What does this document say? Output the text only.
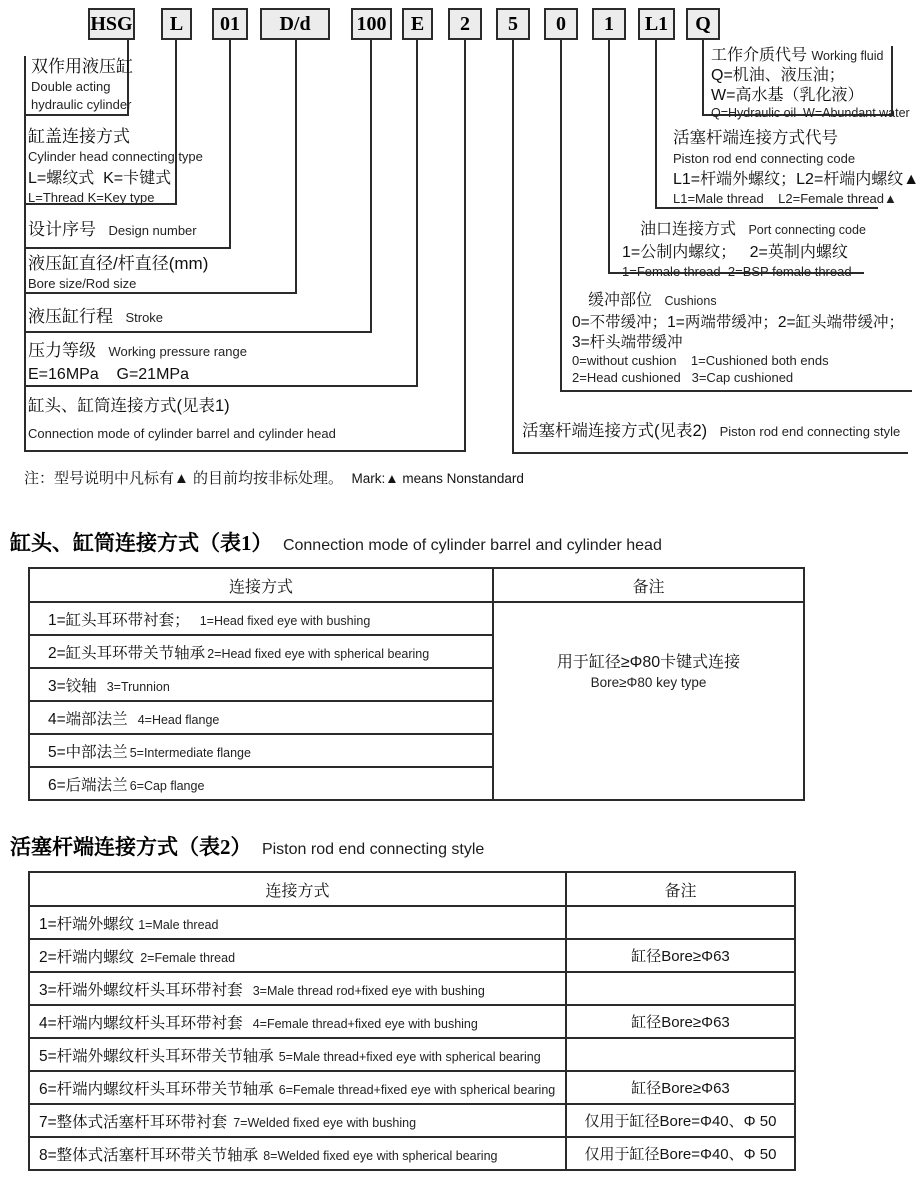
HSG	L	01	D/d	100	E	2	5	0	1	L1	Q
双作用液压缸
Double acting
hydraulic cylinder
缸盖连接方式
Cylinder head connecting type
L=螺纹式  K=卡键式
L=Thread K=Key type
设计序号 Design number
液压缸直径/杆直径(mm)
Bore size/Rod size
液压缸行程 Stroke
压力等级 Working pressure range
E=16MPa    G=21MPa
缸头、缸筒连接方式(见表1)
Connection mode of cylinder barrel and cylinder head
工作介质代号 Working fluid
Q=机油、液压油；
W=高水基（乳化液）
Q=Hydraulic oil  W=Abundant water
活塞杆端连接方式代号
Piston rod end connecting code
L1=杆端外螺纹；L2=杆端内螺纹▲
L1=Male thread    L2=Female thread▲
油口连接方式 Port connecting code
1=公制内螺纹；   2=英制内螺纹
1=Female thread  2=BSP female thread
缓冲部位 Cushions
0=不带缓冲；1=两端带缓冲；2=缸头端带缓冲；
3=杆头端带缓冲
0=without cushion    1=Cushioned both ends
2=Head cushioned   3=Cap cushioned
活塞杆端连接方式(见表2) Piston rod end connecting style
注：型号说明中凡标有▲ 的目前均按非标处理。 Mark:▲ means Nonstandard
缸头、缸筒连接方式（表1） Connection mode of cylinder barrel and cylinder head
连接方式	备注
1=缸头耳环带衬套； 1=Head fixed eye with bushing	用于缸径≥Φ80卡键式连接
Bore≥Φ80 key type

2=缸头耳环带关节轴承 2=Head fixed eye with spherical bearing	
3=铰轴 3=Trunnion	
4=端部法兰 4=Head flange	
5=中部法兰 5=Intermediate flange	
6=后端法兰 6=Cap flange	
活塞杆端连接方式（表2） Piston rod end connecting style
连接方式	备注
1=杆端外螺纹 1=Male thread	
2=杆端内螺纹 2=Female thread	缸径Bore≥Φ63
3=杆端外螺纹杆头耳环带衬套 3=Male thread rod+fixed eye with bushing	
4=杆端内螺纹杆头耳环带衬套 4=Female thread+fixed eye with bushing	缸径Bore≥Φ63
5=杆端外螺纹杆头耳环带关节轴承 5=Male thread+fixed eye with spherical bearing	
6=杆端内螺纹杆头耳环带关节轴承 6=Female thread+fixed eye with spherical bearing	缸径Bore≥Φ63
7=整体式活塞杆耳环带衬套 7=Welded fixed eye with bushing	仅用于缸径Bore=Φ40、Φ 50
8=整体式活塞杆耳环带关节轴承 8=Welded fixed eye with spherical bearing	仅用于缸径Bore=Φ40、Φ 50
